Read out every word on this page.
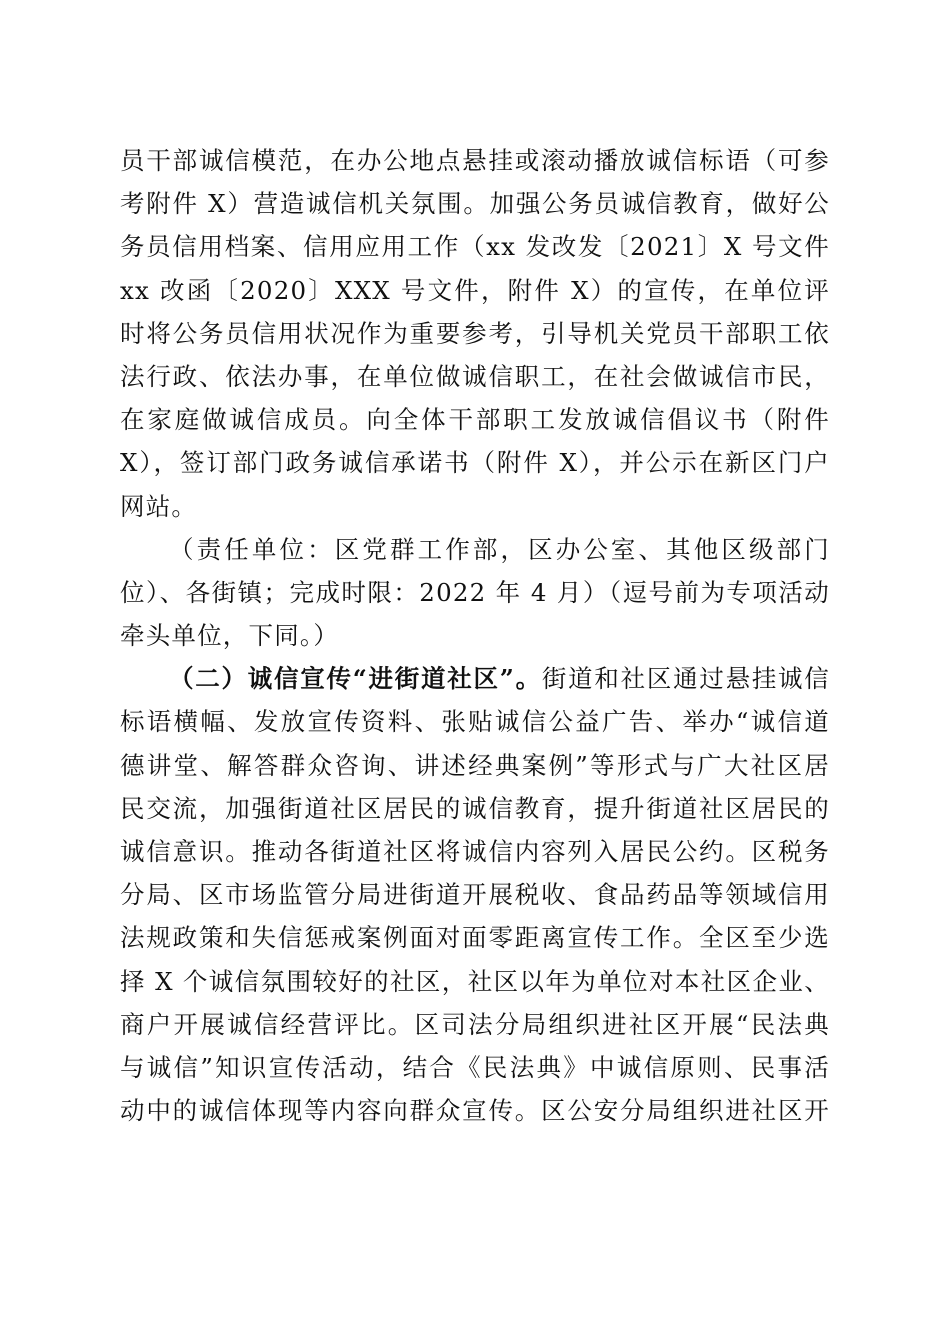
员干部诚信模范，在办公地点悬挂或滚动播放诚信标语（可参
考附件 X）营造诚信机关氛围。加强公务员诚信教育，做好公
务员信用档案、信用应用工作（xx 发改发〔2021〕X 号文件
xx 改函〔2020〕XXX 号文件，附件 X）的宣传，在单位评
时将公务员信用状况作为重要参考，引导机关党员干部职工依
法行政、依法办事，在单位做诚信职工，在社会做诚信市民，
在家庭做诚信成员。向全体干部职工发放诚信倡议书（附件
X），签订部门政务诚信承诺书（附件 X），并公示在新区门户
网站。
（责任单位：区党群工作部，区办公室、其他区级部门
位）、各街镇；完成时限：2022 年 4 月）（逗号前为专项活动
牵头单位，下同。）
（二）诚信宣传“进街道社区”。街道和社区通过悬挂诚信
标语横幅、发放宣传资料、张贴诚信公益广告、举办“诚信道
德讲堂、解答群众咨询、讲述经典案例”等形式与广大社区居
民交流，加强街道社区居民的诚信教育，提升街道社区居民的
诚信意识。推动各街道社区将诚信内容列入居民公约。区税务
分局、区市场监管分局进街道开展税收、食品药品等领域信用
法规政策和失信惩戒案例面对面零距离宣传工作。全区至少选
择 X 个诚信氛围较好的社区，社区以年为单位对本社区企业、
商户开展诚信经营评比。区司法分局组织进社区开展“民法典
与诚信”知识宣传活动，结合《民法典》中诚信原则、民事活
动中的诚信体现等内容向群众宣传。区公安分局组织进社区开
